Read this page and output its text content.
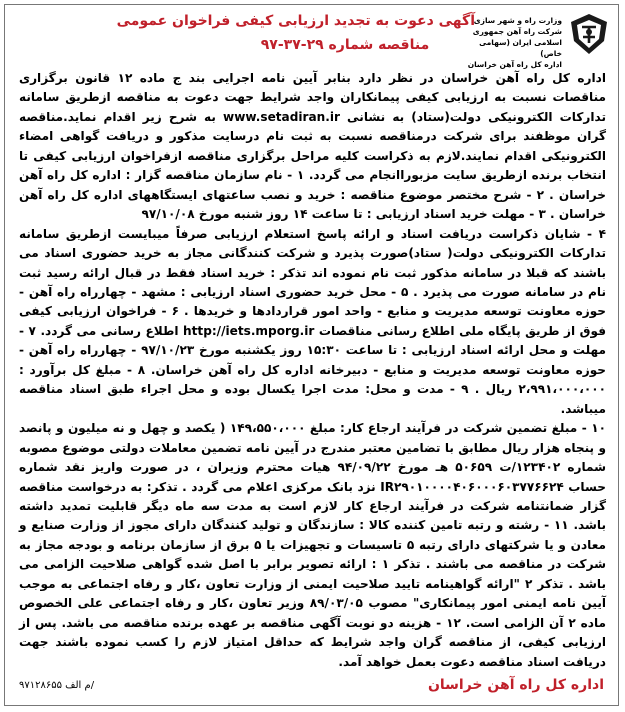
وزارت راه و شهر سازی
شرکت راه آهن جمهوری اسلامی ایران (سهامی خاص)
اداره کل راه آهن خراسان
آگهی دعوت به تجدید ارزیابی کیفی فراخوان عمومی
مناقصه شماره ۲۹-۳۷-۹۷

اداره کل راه آهن خراسان در نظر دارد بنابر آیین نامه اجرایی بند ج ماده ۱۲ قانون برگزاری مناقصات نسبت به ارزیابی کیفی پیمانکاران واجد شرایط جهت دعوت به مناقصه ازطریق سامانه تدارکات الکترونیکی دولت(ستاد) به نشانی www.setadiran.ir به شرح زیر اقدام نماید.مناقصه گران موظفند برای شرکت درمناقصه نسبت به ثبت نام درسایت مذکور و دریافت گواهی امضاء الکترونیکی اقدام نمایند.لازم به ذکراست کلیه مراحل برگزاری مناقصه ازفراخوان ارزیابی کیفی تا انتخاب برنده ازطریق سایت مزبوراانجام می گردد. ۱ - نام سازمان مناقصه گزار : اداره کل راه آهن خراسان . ۲ - شرح مختصر موضوع مناقصه : خرید و نصب ساعتهای ایستگاههای اداره کل راه آهن خراسان . ۳ - مهلت خرید اسناد ارزیابی : تا ساعت ۱۴ روز شنبه مورخ ۹۷/۱۰/۰۸

۴ - شایان ذکراست دریافت اسناد و ارائه پاسخ استعلام ارزیابی صرفاً میبایست ازطریق سامانه تدارکات الکترونیکی دولت( ستاد)صورت پذیرد و شرکت کنندگانی مجاز به خرید حضوری اسناد می باشند که قبلا در سامانه مذکور ثبت نام نموده اند تذکر : خرید اسناد فقط در قبال ارائه رسید ثبت نام در سامانه صورت می پذیرد . ۵ - محل خرید حضوری اسناد ارزیابی : مشهد - چهارراه راه آهن - حوزه معاونت توسعه مدیریت و منابع - واحد امور قراردادها و خریدها . ۶ - فراخوان ارزیابی کیفی فوق از طریق پایگاه ملی اطلاع رسانی مناقصات http://iets.mporg.ir اطلاع رسانی می گردد. ۷ - مهلت و محل ارائه اسناد ارزیابی : تا ساعت ۱۵:۳۰ روز یکشنبه مورخ ۹۷/۱۰/۲۳ - چهارراه راه آهن - حوزه معاونت توسعه مدیریت و منابع - دبیرخانه اداره کل راه آهن خراسان. ۸ - مبلغ کل برآورد : ۲،۹۹۱،۰۰۰،۰۰۰ ریال . ۹ - مدت و محل: مدت اجرا یکسال بوده و محل اجراء طبق اسناد مناقصه میباشد.

۱۰ - مبلغ تضمین شرکت در فرآیند ارجاع کار: مبلغ ۱۴۹،۵۵۰،۰۰۰ ( یکصد و چهل و نه میلیون و پانصد و پنجاه هزار ریال مطابق با تضامین معتبر مندرج در آیین نامه تضمین معاملات دولتی موضوع مصوبه شماره ۱۲۳۴۰۲/ت ۵۰۶۵۹ هـ مورخ ۹۴/۰۹/۲۲ هیات محترم وزیران ، در صورت واریز نقد شماره حساب IR۲۹۰۱۰۰۰۰۴۰۶۰۰۰۶۰۳۷۷۶۶۲۴ نزد بانک مرکزی اعلام می گردد . تذکر: به درخواست مناقصه گزار ضمانتنامه شرکت در فرآیند ارجاع کار لازم است به مدت سه ماه دیگر قابلیت تمدید داشته باشد. ۱۱ - رشته و رتبه تامین کننده کالا : سازندگان و تولید کنندگان دارای مجوز از وزارت صنایع و معادن و یا شرکتهای دارای رتبه ۵ تاسیسات و تجهیزات یا ۵ برق از سازمان برنامه و بودجه مجاز به شرکت در مناقصه می باشند . تذکر ۱ : ارائه تصویر برابر با اصل شده گواهی صلاحیت الزامی می باشد . تذکر ۲ "ارائه گواهینامه تایید صلاحیت ایمنی از وزارت تعاون ،کار و رفاه اجتماعی به موجب آیین نامه ایمنی امور پیمانکاری" مصوب ۸۹/۰۳/۰۵ وزیر تعاون ،کار و رفاه اجتماعی علی الخصوص ماده ۲ آن الزامی است. ۱۲ - هزینه دو نوبت آگهی مناقصه بر عهده برنده مناقصه می باشد. پس از ارزیابی کیفی، از مناقصه گران واجد شرایط که حداقل امتیاز لازم را کسب نموده باشند جهت دریافت اسناد مناقصه دعوت بعمل خواهد آمد.

اداره کل راه آهن خراسان
م الف ۹۷۱۲۸۶۵۵/
